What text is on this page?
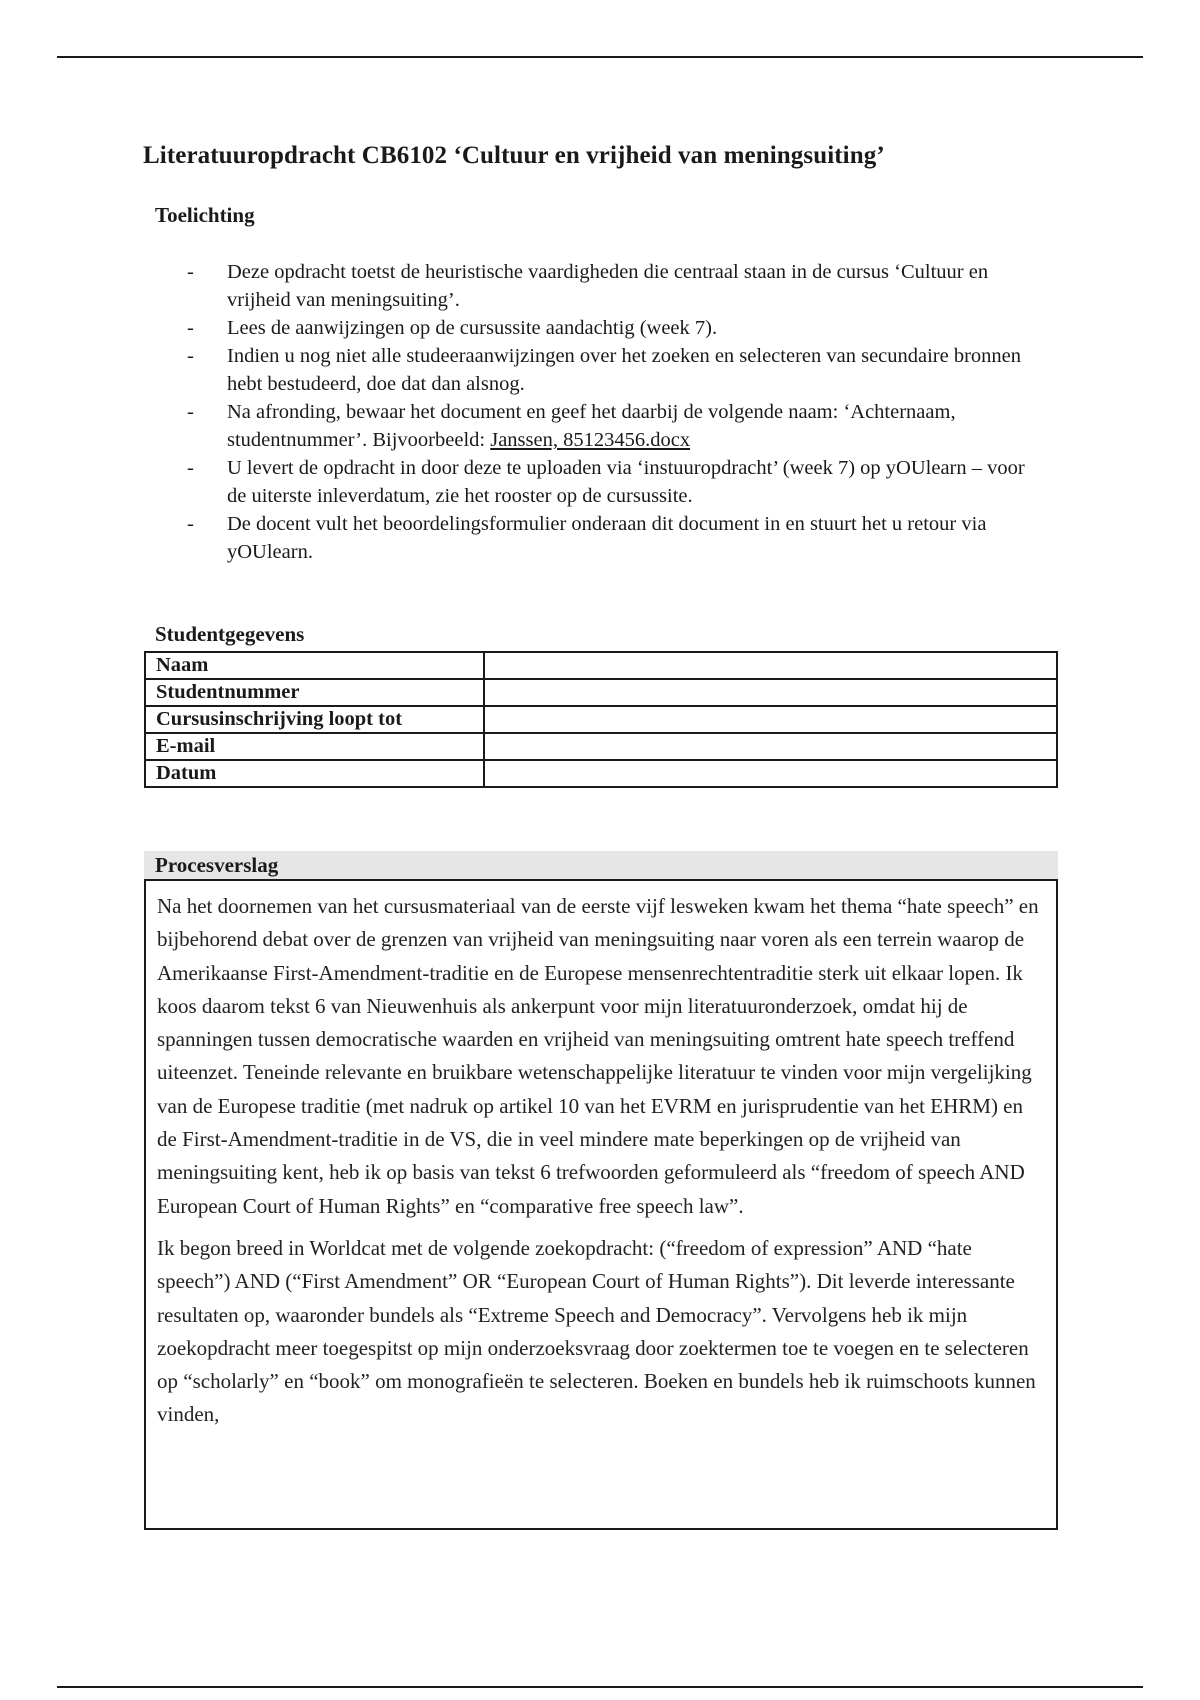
Literatuuropdracht CB6102 ‘Cultuur en vrijheid van meningsuiting’
Toelichting
- Deze opdracht toetst de heuristische vaardigheden die centraal staan in de cursus ‘Cultuur en vrijheid van meningsuiting’.
- Lees de aanwijzingen op de cursussite aandachtig (week 7).
- Indien u nog niet alle studeeraanwijzingen over het zoeken en selecteren van secundaire bronnen hebt bestudeerd, doe dat dan alsnog.
- Na afronding, bewaar het document en geef het daarbij de volgende naam: ‘Achternaam, studentnummer’. Bijvoorbeeld: Janssen, 85123456.docx
- U levert de opdracht in door deze te uploaden via ‘instuuropdracht’ (week 7) op yOUlearn – voor de uiterste inleverdatum, zie het rooster op de cursussite.
- De docent vult het beoordelingsformulier onderaan dit document in en stuurt het u retour via yOUlearn.
Studentgegevens
Naam	
Studentnummer	
Cursusinschrijving loopt tot	
E-mail	
Datum	
Procesverslag

Na het doornemen van het cursusmateriaal van de eerste vijf lesweken kwam het thema “hate speech” en bijbehorend debat over de grenzen van vrijheid van meningsuiting naar voren als een terrein waarop de Amerikaanse First-Amendment-traditie en de Europese mensenrechtentraditie sterk uit elkaar lopen. Ik koos daarom tekst 6 van Nieuwenhuis als ankerpunt voor mijn literatuuronderzoek, omdat hij de spanningen tussen democratische waarden en vrijheid van meningsuiting omtrent hate speech treffend uiteenzet. Teneinde relevante en bruikbare wetenschappelijke literatuur te vinden voor mijn vergelijking van de Europese traditie (met nadruk op artikel 10 van het EVRM en jurisprudentie van het EHRM) en de First-Amendment-traditie in de VS, die in veel mindere mate beperkingen op de vrijheid van meningsuiting kent, heb ik op basis van tekst 6 trefwoorden geformuleerd als “freedom of speech AND European Court of Human Rights” en “comparative free speech law”.

Ik begon breed in Worldcat met de volgende zoekopdracht: (“freedom of expression” AND “hate speech”) AND (“First Amendment” OR “European Court of Human Rights”). Dit leverde interessante resultaten op, waaronder bundels als “Extreme Speech and Democracy”. Vervolgens heb ik mijn zoekopdracht meer toegespitst op mijn onderzoeksvraag door zoektermen toe te voegen en te selecteren op “scholarly” en “book” om monografieën te selecteren. Boeken en bundels heb ik ruimschoots kunnen vinden,
